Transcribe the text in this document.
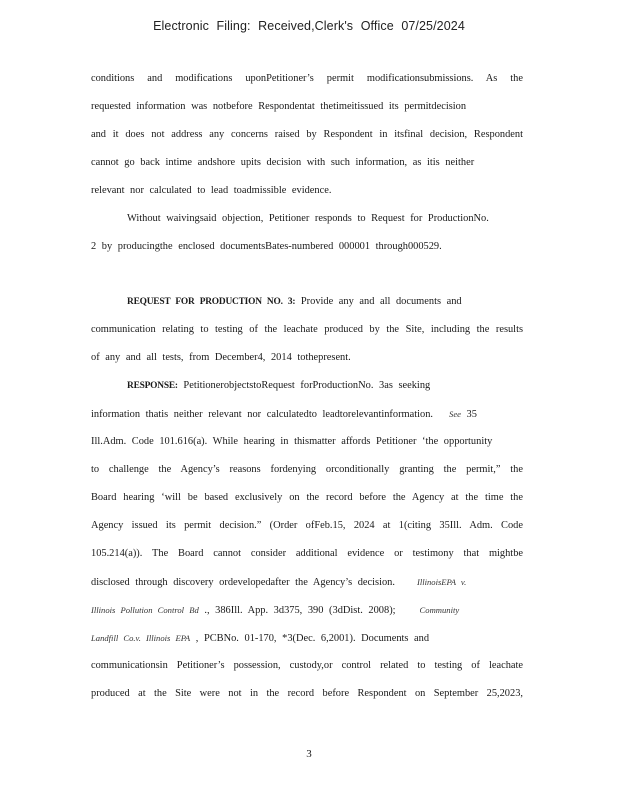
Electronic Filing: Received,Clerk's Office 07/25/2024
conditions and modifications uponPetitioner’s permit modificationsubmissions. As the
requested information was notbefore Respondentat thetimeitissued its permitdecision
and it does not address any concerns raised by Respondent in itsfinal decision, Respondent
cannot go back intime andshore upits decision with such information, as itis neither
relevant nor calculated to lead toadmissible evidence.
Without waivingsaid objection, Petitioner responds to Request for ProductionNo.
2 by producingthe enclosed documentsBates-numbered 000001 through000529.
REQUEST FOR PRODUCTION NO. 3: Provide any and all documents and
communication relating to testing of the leachate produced by the Site, including the results
of any and all tests, from December4, 2014 tothepresent.
RESPONSE: PetitionerobjectstoRequest forProductionNo. 3as seeking
information thatis neither relevant nor calculatedto leadtorelevantinformation. See 35
Ill.Adm. Code 101.616(a). While hearing in thismatter affords Petitioner ‘the opportunity
to challenge the Agency’s reasons fordenying orconditionally granting the permit,” the
Board hearing ‘will be based exclusively on the record before the Agency at the time the
Agency issued its permit decision.” (Order ofFeb.15, 2024 at 1(citing 35Ill. Adm. Code
105.214(a)). The Board cannot consider additional evidence or testimony that mightbe
disclosed through discovery ordevelopedafter the Agency’s decision.	IllinoisEPA v.
Illinois Pollution Control Bd ., 386Ill. App. 3d375, 390 (3dDist. 2008);	Community
Landfill Co.v. Illinois EPA , PCBNo. 01-170, *3(Dec. 6,2001). Documents and
communicationsin Petitioner’s possession, custody,or control related to testing of leachate
produced at the Site were not in the record before Respondent on September 25,2023,
3
